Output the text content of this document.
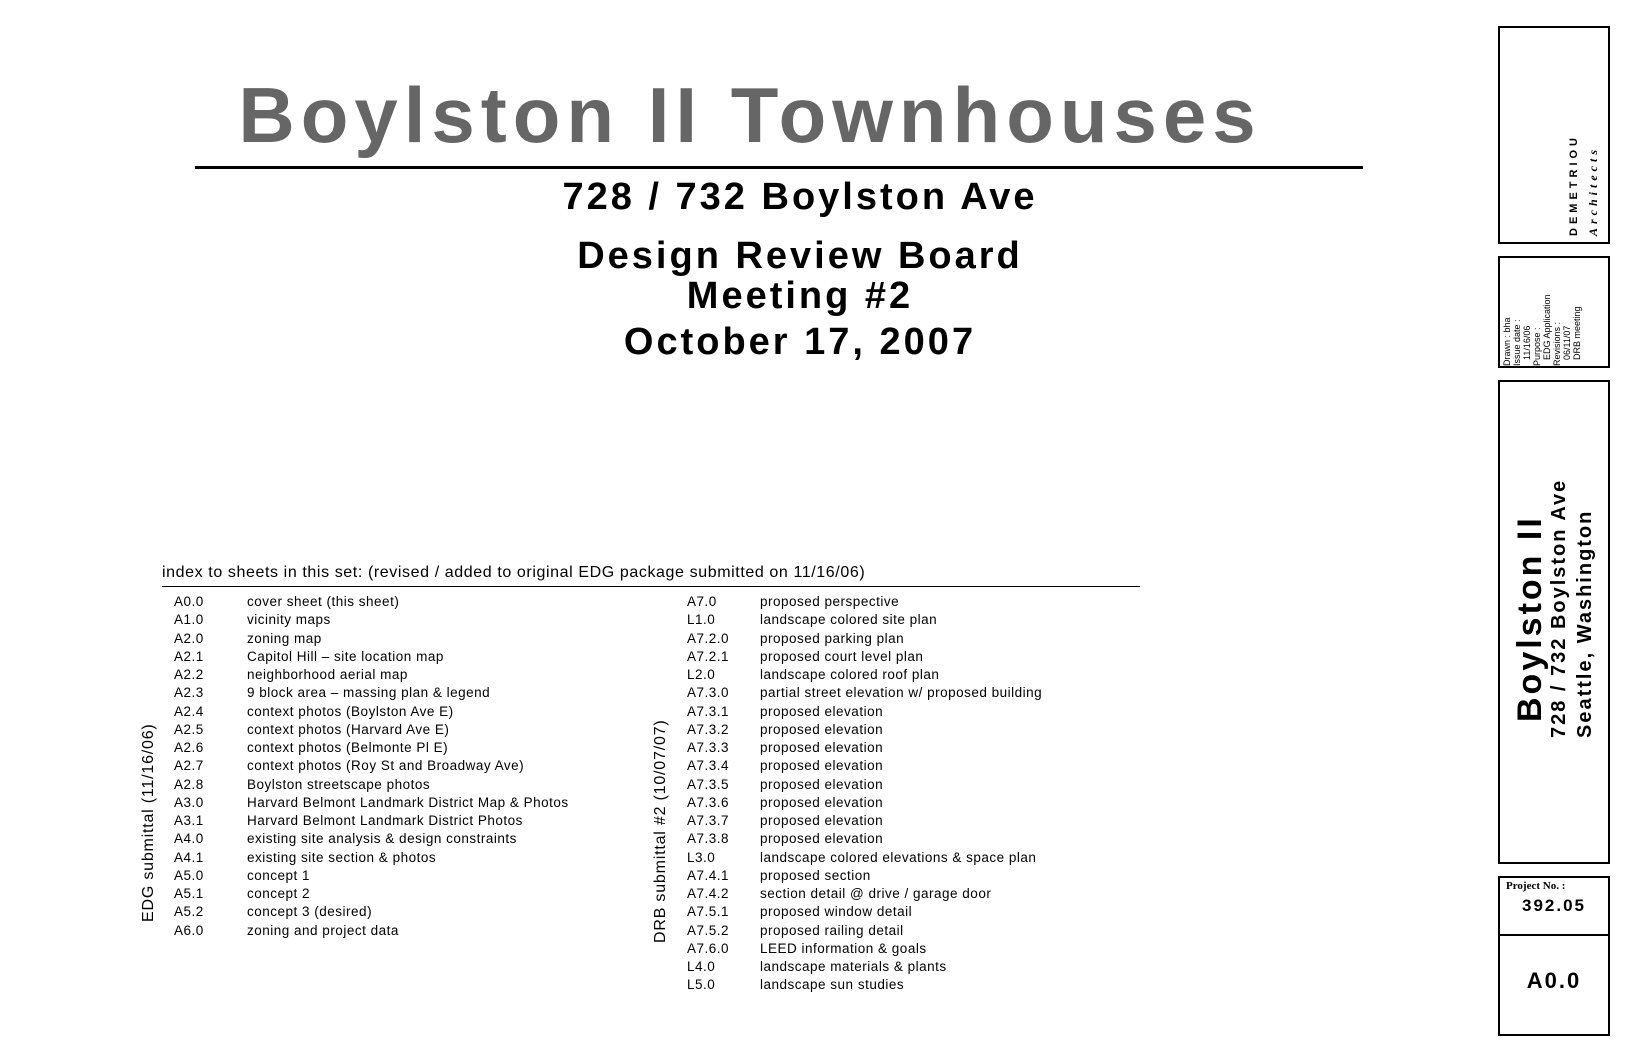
Boylston II Townhouses
728 / 732 Boylston Ave
Design Review Board
Meeting #2
October 17, 2007
index to sheets in this set: (revised / added to original EDG package submitted on 11/16/06)
EDG submittal (11/16/06)
A0.0	cover sheet (this sheet)
A1.0	vicinity maps
A2.0	zoning map
A2.1	Capitol Hill – site location map
A2.2	neighborhood aerial map
A2.3	9 block area – massing plan & legend
A2.4	context photos (Boylston Ave E)
A2.5	context photos (Harvard Ave E)
A2.6	context photos (Belmonte Pl E)
A2.7	context photos (Roy St and Broadway Ave)
A2.8	Boylston streetscape photos
A3.0	Harvard Belmont Landmark District Map & Photos
A3.1	Harvard Belmont Landmark District Photos
A4.0	existing site analysis & design constraints
A4.1	existing site section & photos
A5.0	concept 1
A5.1	concept 2
A5.2	concept 3 (desired)
A6.0	zoning and project data	DRB submittal #2 (10/07/07)
A7.0	proposed perspective
L1.0	landscape colored site plan
A7.2.0 proposed parking plan
A7.2.1 proposed court level plan
L2.0	landscape colored roof plan
A7.3.0 partial street elevation w/ proposed building
A7.3.1 proposed elevation
A7.3.2 proposed elevation
A7.3.3 proposed elevation
A7.3.4 proposed elevation
A7.3.5 proposed elevation
A7.3.6 proposed elevation
A7.3.7 proposed elevation
A7.3.8 proposed elevation
L3.0	landscape colored elevations & space plan
A7.4.1 proposed section
A7.4.2 section detail @ drive / garage door
A7.5.1 proposed window detail
A7.5.2 proposed railing detail
A7.6.0 LEED information & goals
L4.0	landscape materials & plants
L5.0	landscape sun studies
DEMETRIOU Architects
Drawn : bha Issue date : 11/16/06 Purpose : EDG Application Revisions : 06/11/07 DRB meeting
Boylston II 728 / 732 Boylston Ave Seattle, Washington
Project No. :
392.05
A0.0
